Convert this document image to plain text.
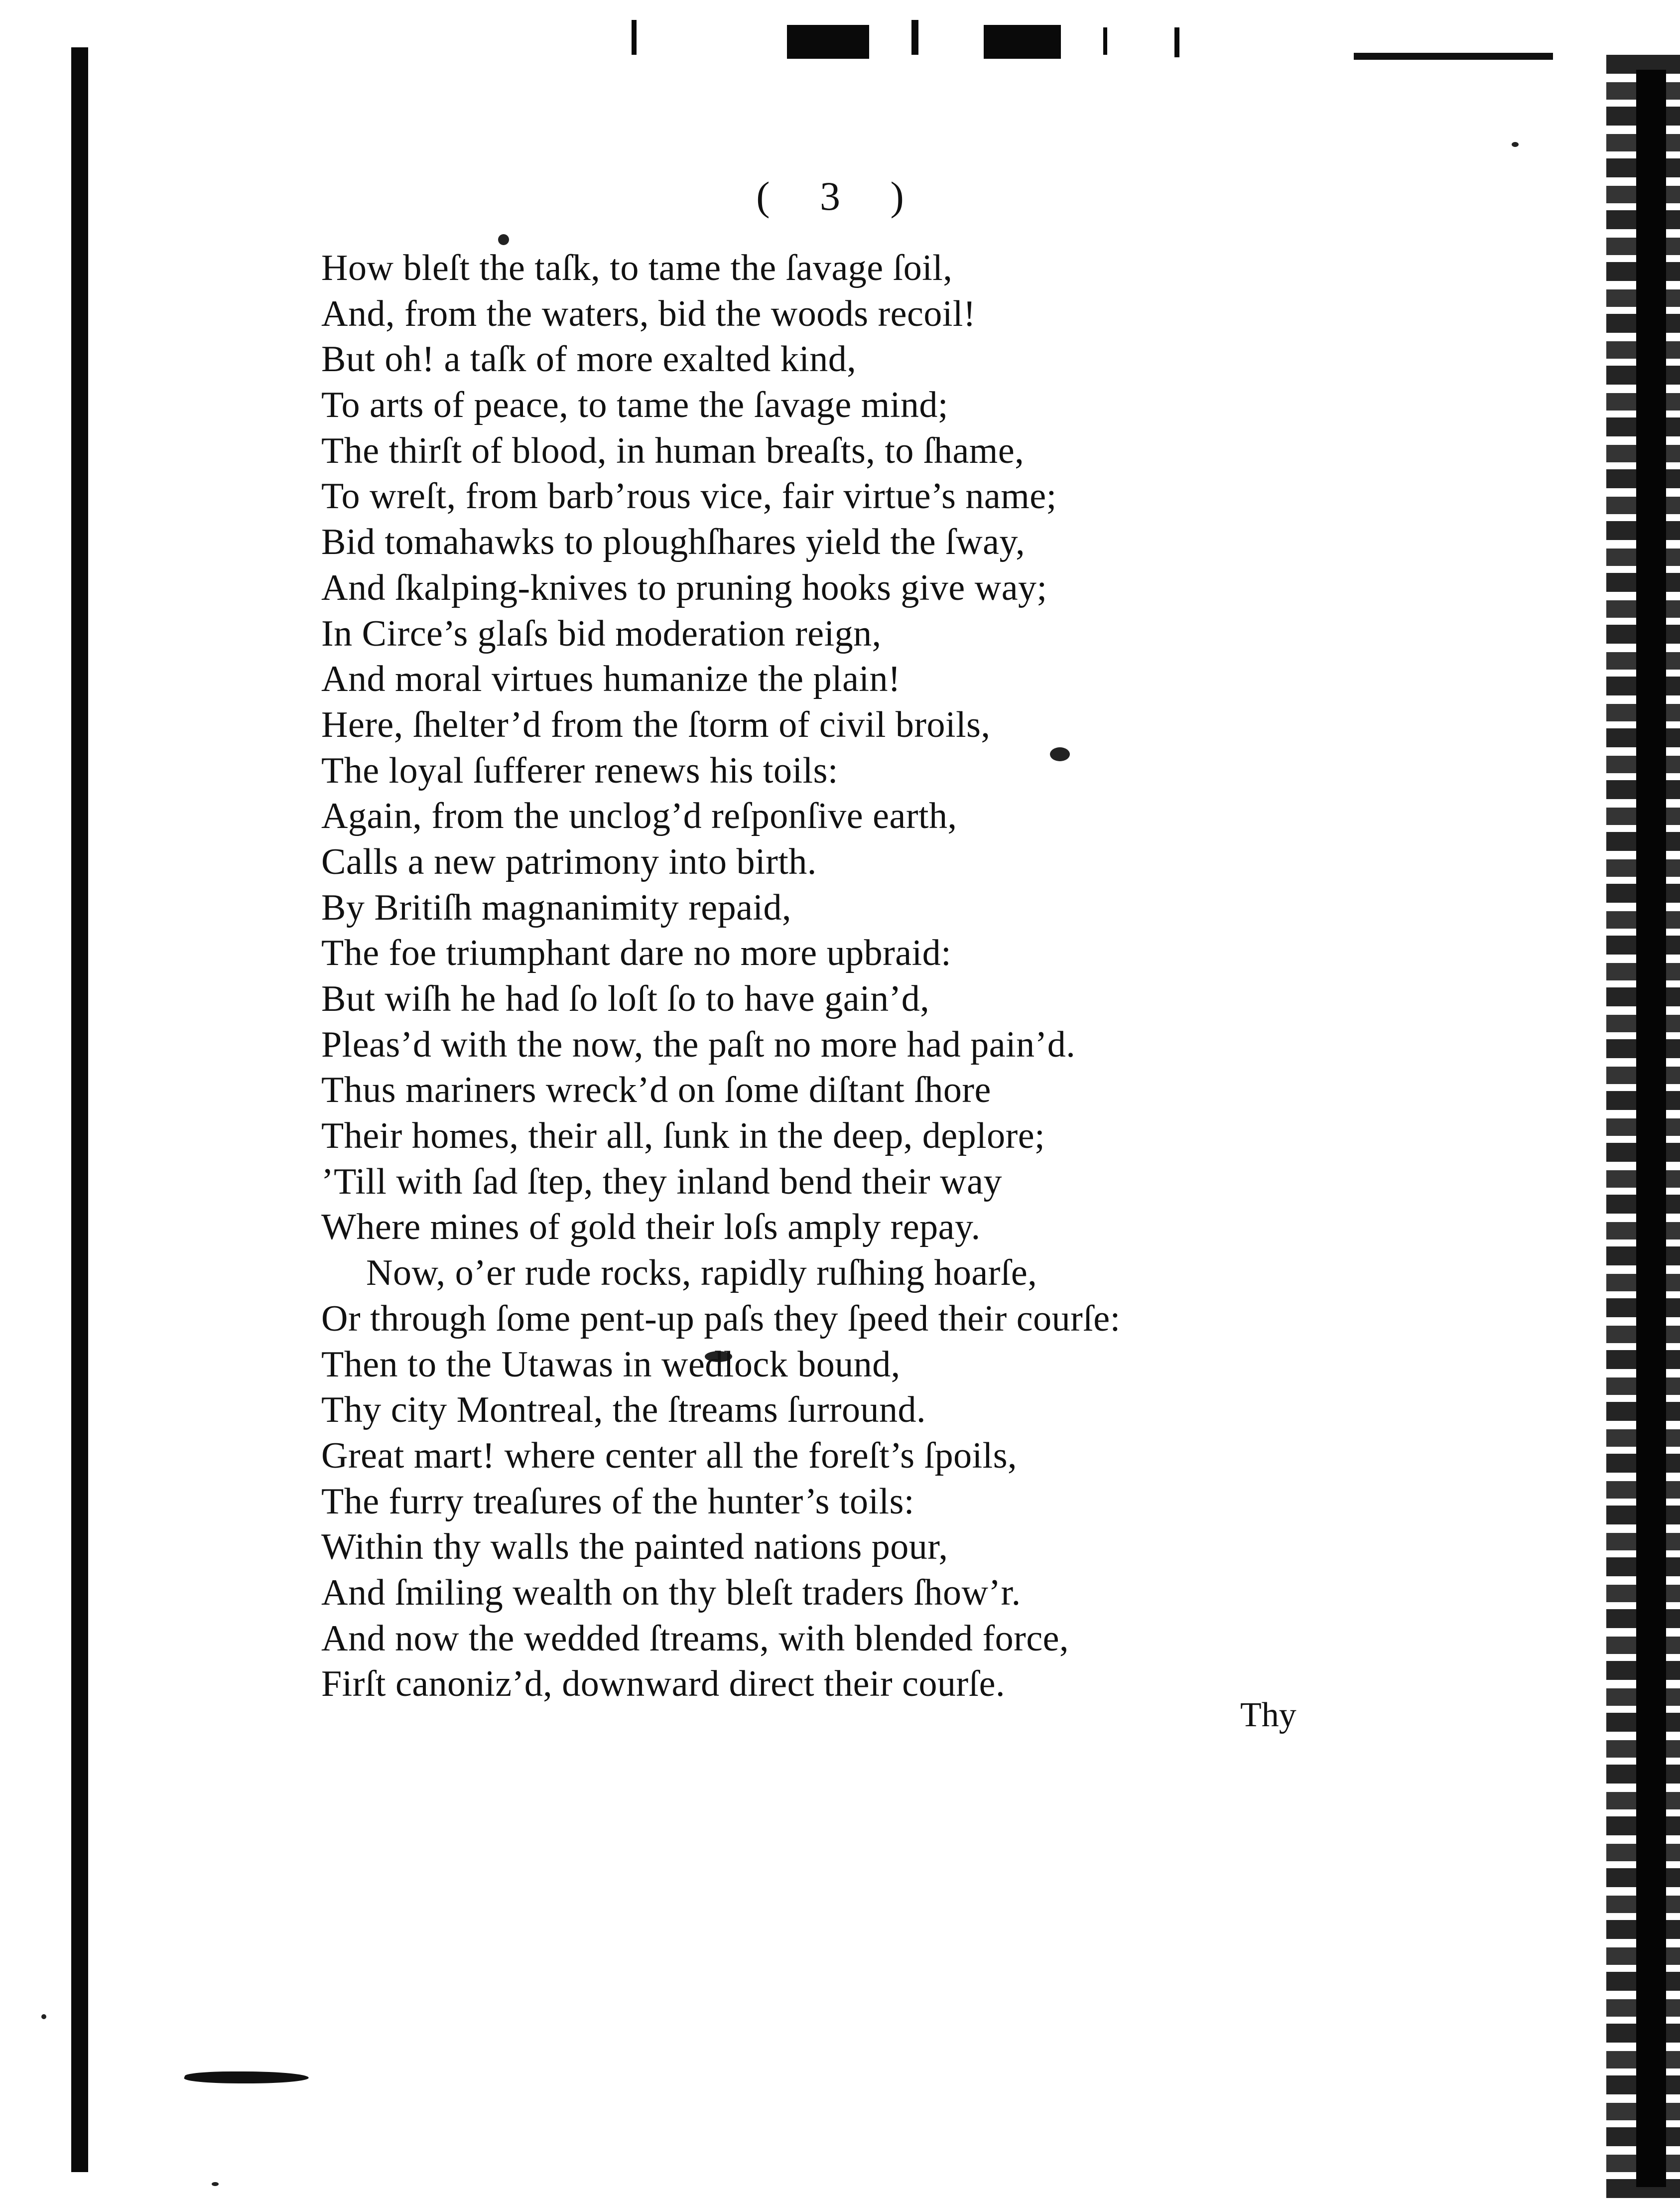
( 3 )
How bleſt the taſk, to tame the ſavage ſoil,
And, from the waters, bid the woods recoil!
But oh! a taſk of more exalted kind,
To arts of peace, to tame the ſavage mind;
The thirſt of blood, in human breaſts, to ſhame,
To wreſt, from barb’rous vice, fair virtue’s name;
Bid tomahawks to ploughſhares yield the ſway,
And ſkalping-knives to pruning hooks give way;
In Circe’s glaſs bid moderation reign,
And moral virtues humanize the plain!
Here, ſhelter’d from the ſtorm of civil broils,
The loyal ſufferer renews his toils:
Again, from the unclog’d reſponſive earth,
Calls a new patrimony into birth.
By Britiſh magnanimity repaid,
The foe triumphant dare no more upbraid:
But wiſh he had ſo loſt ſo to have gain’d,
Pleas’d with the now, the paſt no more had pain’d.
Thus mariners wreck’d on ſome diſtant ſhore
Their homes, their all, ſunk in the deep, deplore;
’Till with ſad ſtep, they inland bend their way
Where mines of gold their loſs amply repay.
Now, o’er rude rocks, rapidly ruſhing hoarſe,
Or through ſome pent-up paſs they ſpeed their courſe:
Then to the Utawas in wedlock bound,
Thy city Montreal, the ſtreams ſurround.
Great mart! where center all the foreſt’s ſpoils,
The furry treaſures of the hunter’s toils:
Within thy walls the painted nations pour,
And ſmiling wealth on thy bleſt traders ſhow’r.
And now the wedded ſtreams, with blended force,
Firſt canoniz’d, downward direct their courſe.
Thy
